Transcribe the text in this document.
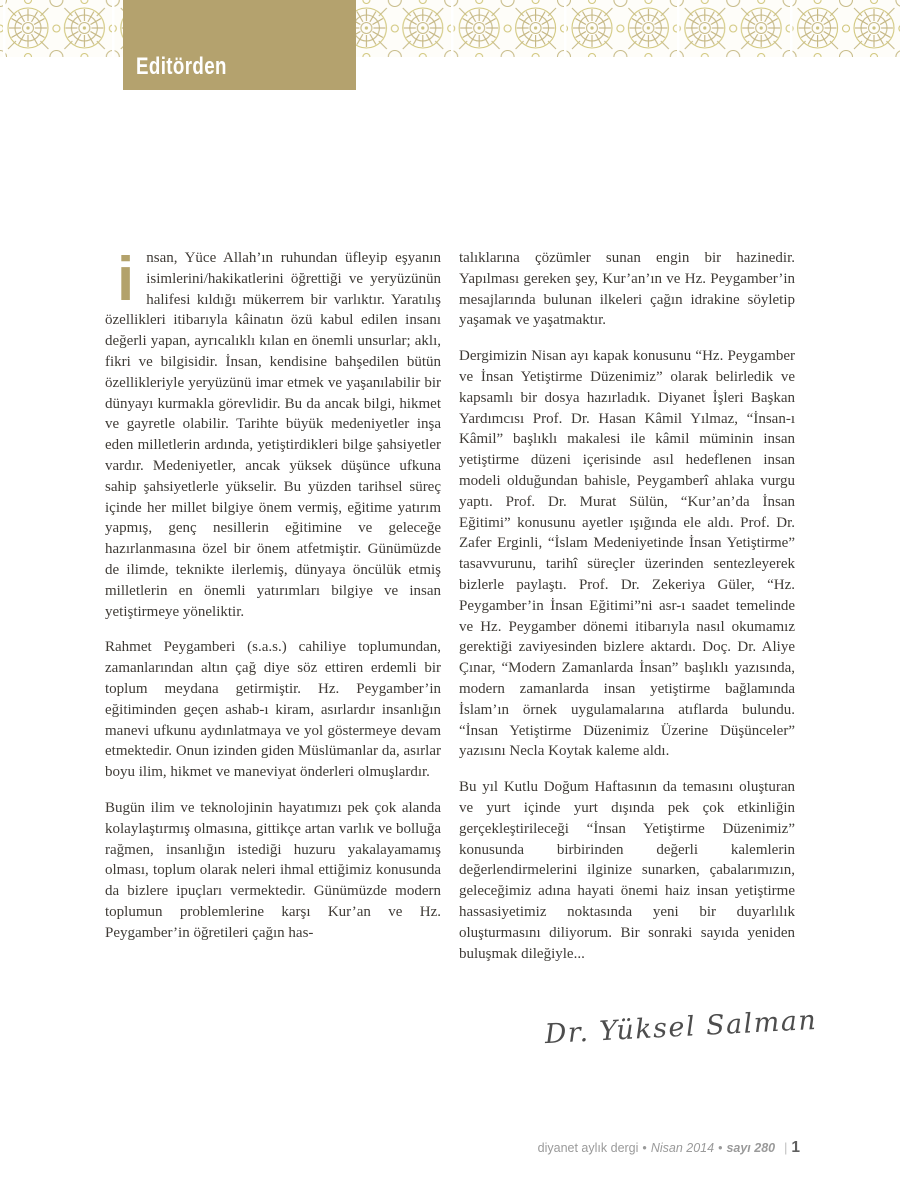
Editörden

insan, Yüce Allah’ın ruhundan üfleyip eşyanın isimlerini/hakikatlerini öğrettiği ve yeryüzünün halifesi kıldığı mükerrem bir varlıktır. Yaratılış özellikleri itibarıyla kâinatın özü kabul edilen insanı değerli yapan, ayrıcalıklı kılan en önemli unsurlar; aklı, fikri ve bilgisidir. İnsan, kendisine bahşedilen bütün özellikleriyle yeryüzünü imar etmek ve yaşanılabilir bir dünyayı kurmakla görevlidir. Bu da ancak bilgi, hikmet ve gayretle olabilir. Tarihte büyük medeniyetler inşa eden milletlerin ardında, yetiştirdikleri bilge şahsiyetler vardır. Medeniyetler, ancak yüksek düşünce ufkuna sahip şahsiyetlerle yükselir. Bu yüzden tarihsel süreç içinde her millet bilgiye önem vermiş, eğitime yatırım yapmış, genç nesillerin eğitimine ve geleceğe hazırlanmasına özel bir önem atfetmiştir. Günümüzde de ilimde, teknikte ilerlemiş, dünyaya öncülük etmiş milletlerin en önemli yatırımları bilgiye ve insan yetiştirmeye yöneliktir.

Rahmet Peygamberi (s.a.s.) cahiliye toplumundan, zamanlarından altın çağ diye söz ettiren erdemli bir toplum meydana getirmiştir. Hz. Peygamber’in eğitiminden geçen ashab-ı kiram, asırlardır insanlığın manevi ufkunu aydınlatmaya ve yol göstermeye devam etmektedir. Onun izinden giden Müslümanlar da, asırlar boyu ilim, hikmet ve maneviyat önderleri olmuşlardır.

Bugün ilim ve teknolojinin hayatımızı pek çok alanda kolaylaştırmış olmasına, gittikçe artan varlık ve bolluğa rağmen, insanlığın istediği huzuru yakalayamamış olması, toplum olarak neleri ihmal ettiğimiz konusunda da bizlere ipuçları vermektedir. Günümüzde modern toplumun problemlerine karşı Kur’an ve Hz. Peygamber’in öğretileri çağın has-

talıklarına çözümler sunan engin bir hazinedir. Yapılması gereken şey, Kur’an’ın ve Hz. Peygamber’in mesajlarında bulunan ilkeleri çağın idrakine söyletip yaşamak ve yaşatmaktır.

Dergimizin Nisan ayı kapak konusunu “Hz. Peygamber ve İnsan Yetiştirme Düzenimiz” olarak belirledik ve kapsamlı bir dosya hazırladık. Diyanet İşleri Başkan Yardımcısı Prof. Dr. Hasan Kâmil Yılmaz, “İnsan-ı Kâmil” başlıklı makalesi ile kâmil müminin insan yetiştirme düzeni içerisinde asıl hedeflenen insan modeli olduğundan bahisle, Peygamberî ahlaka vurgu yaptı. Prof. Dr. Murat Sülün, “Kur’an’da İnsan Eğitimi” konusunu ayetler ışığında ele aldı. Prof. Dr. Zafer Erginli, “İslam Medeniyetinde İnsan Yetiştirme” tasavvurunu, tarihî süreçler üzerinden sentezleyerek bizlerle paylaştı. Prof. Dr. Zekeriya Güler, “Hz. Peygamber’in İnsan Eğitimi”ni asr-ı saadet temelinde ve Hz. Peygamber dönemi itibarıyla nasıl okumamız gerektiği zaviyesinden bizlere aktardı. Doç. Dr. Aliye Çınar, “Modern Zamanlarda İnsan” başlıklı yazısında, modern zamanlarda insan yetiştirme bağlamında İslam’ın örnek uygulamalarına atıflarda bulundu. “İnsan Yetiştirme Düzenimiz Üzerine Düşünceler” yazısını Necla Koytak kaleme aldı.

Bu yıl Kutlu Doğum Haftasının da temasını oluşturan ve yurt içinde yurt dışında pek çok etkinliğin gerçekleştirileceği “İnsan Yetiştirme Düzenimiz” konusunda birbirinden değerli kalemlerin değerlendirmelerini ilginize sunarken, çabalarımızın, geleceğimiz adına hayati önemi haiz insan yetiştirme hassasiyetimiz noktasında yeni bir duyarlılık oluşturmasını diliyorum. Bir sonraki sayıda yeniden buluşmak dileğiyle...

Dr. Yüksel Salman
diyanet aylık dergi • Nisan 2014 • sayı 280 | 1
